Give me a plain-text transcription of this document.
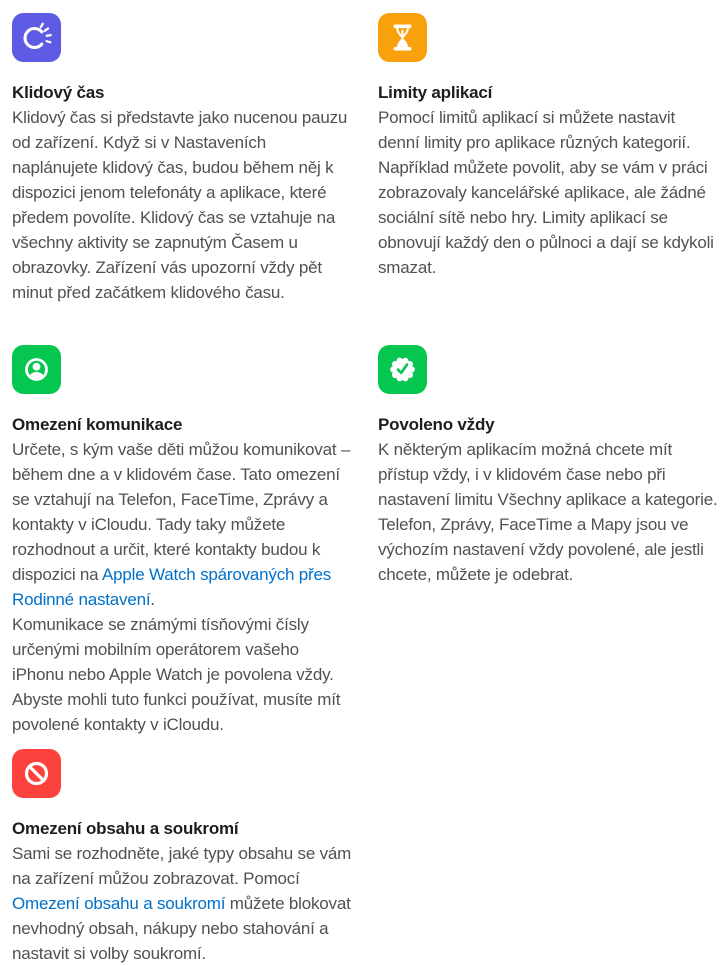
Klidový čas

Klidový čas si představte jako nucenou pauzu od zařízení. Když si v Nastaveních naplánujete klidový čas, budou během něj k dispozici jenom telefonáty a aplikace, které předem povolíte. Klidový čas se vztahuje na všechny aktivity se zapnutým Časem u obrazovky. Zařízení vás upozorní vždy pět minut před začátkem klidového času.

Limity aplikací

Pomocí limitů aplikací si můžete nastavit denní limity pro aplikace různých kategorií. Například můžete povolit, aby se vám v práci zobrazovaly kancelářské aplikace, ale žádné sociální sítě nebo hry. Limity aplikací se obnovují každý den o půlnoci a dají se kdykoli smazat.

Omezení komunikace

Určete, s kým vaše děti můžou komunikovat – během dne a v klidovém čase. Tato omezení se vztahují na Telefon, FaceTime, Zprávy a kontakty v iCloudu. Tady taky můžete rozhodnout a určit, které kontakty budou k dispozici na Apple Watch spárovaných přes Rodinné nastavení.
Komunikace se známými tísňovými čísly určenými mobilním operátorem vašeho iPhonu nebo Apple Watch je povolena vždy. Abyste mohli tuto funkci používat, musíte mít povolené kontakty v iCloudu.

Povoleno vždy

K některým aplikacím možná chcete mít přístup vždy, i v klidovém čase nebo při nastavení limitu Všechny aplikace a kategorie. Telefon, Zprávy, FaceTime a Mapy jsou ve výchozím nastavení vždy povolené, ale jestli chcete, můžete je odebrat.

Omezení obsahu a soukromí

Sami se rozhodněte, jaké typy obsahu se vám na zařízení můžou zobrazovat. Pomocí Omezení obsahu a soukromí můžete blokovat nevhodný obsah, nákupy nebo stahování a nastavit si volby soukromí.
